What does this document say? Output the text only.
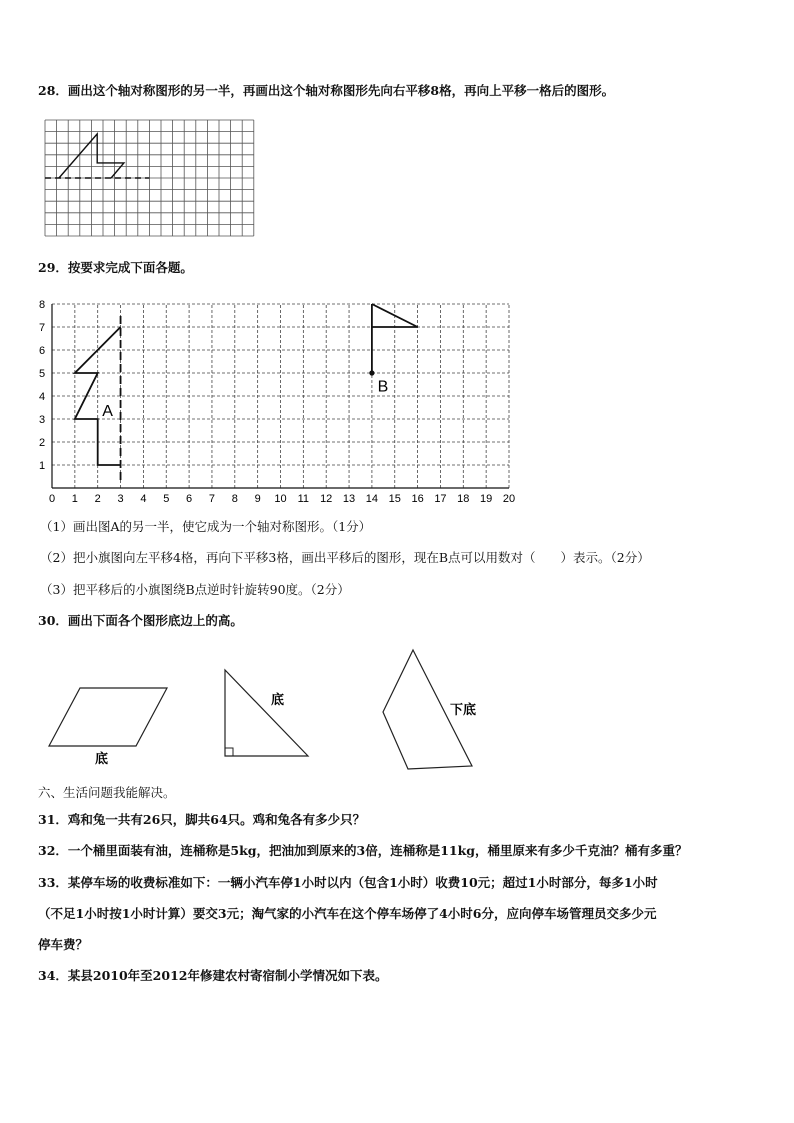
28．画出这个轴对称图形的另一半，再画出这个轴对称图形先向右平移8格，再向上平移一格后的图形。
29．按要求完成下面各题。
0 1 2 3 4 5 6 7 8 9 10 11 12 13 14 15 16 17 18 19 20
1
2
3
4
5
6
7
8
A
B
（1）画出图A的另一半，使它成为一个轴对称图形。（1分）
（2）把小旗图向左平移4格，再向下平移3格，画出平移后的图形，现在B点可以用数对（　　）表示。（2分）
（3）把平移后的小旗图绕B点逆时针旋转90度。（2分）
30．画出下面各个图形底边上的高。
底
底
下底
六、生活问题我能解决。
31．鸡和兔一共有26只，脚共64只。鸡和兔各有多少只？
32．一个桶里面装有油，连桶称是5kg，把油加到原来的3倍，连桶称是11kg，桶里原来有多少千克油？桶有多重？
33．某停车场的收费标准如下：一辆小汽车停1小时以内（包含1小时）收费10元；超过1小时部分，每多1小时
（不足1小时按1小时计算）要交3元；淘气家的小汽车在这个停车场停了4小时6分，应向停车场管理员交多少元
停车费？
34．某县2010年至2012年修建农村寄宿制小学情况如下表。
